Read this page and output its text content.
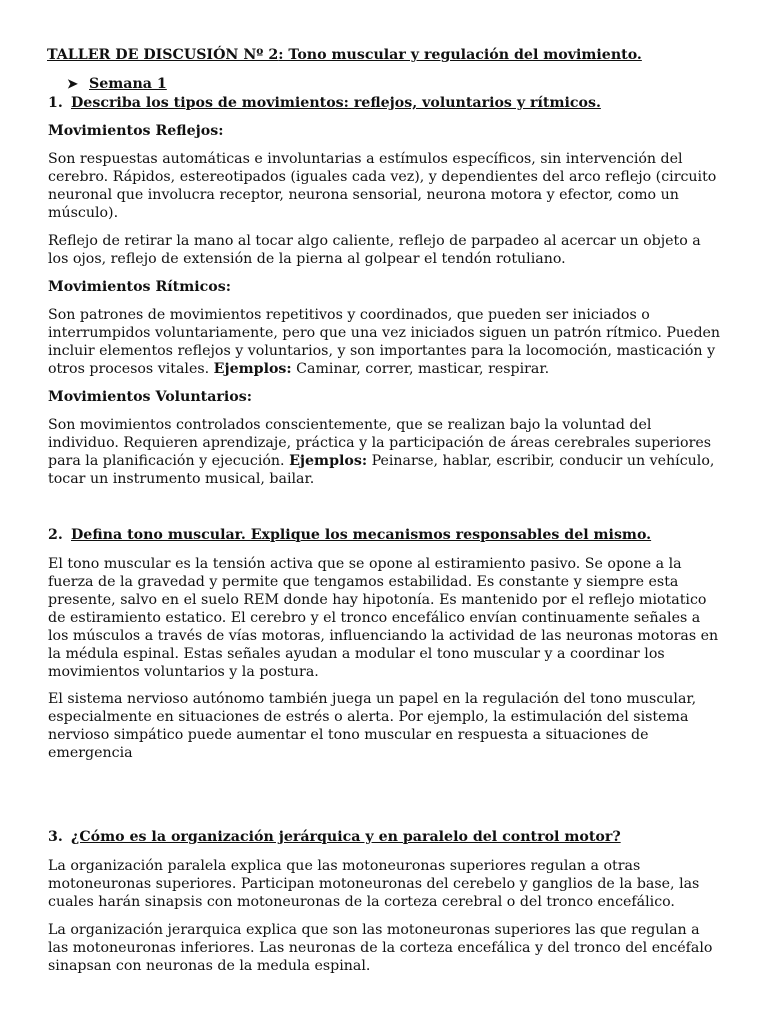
TALLER DE DISCUSIÓN Nº 2: Tono muscular y regulación del movimiento.
➤ Semana 1
1. Describa los tipos de movimientos: reflejos, voluntarios y rítmicos.
Movimientos Reflejos:
Son respuestas automáticas e involuntarias a estímulos específicos, sin intervención del cerebro. Rápidos, estereotipados (iguales cada vez), y dependientes del arco reflejo (circuito neuronal que involucra receptor, neurona sensorial, neurona motora y efector, como un músculo).
Reflejo de retirar la mano al tocar algo caliente, reflejo de parpadeo al acercar un objeto a los ojos, reflejo de extensión de la pierna al golpear el tendón rotuliano.
Movimientos Rítmicos:
Son patrones de movimientos repetitivos y coordinados, que pueden ser iniciados o interrumpidos voluntariamente, pero que una vez iniciados siguen un patrón rítmico. Pueden incluir elementos reflejos y voluntarios, y son importantes para la locomoción, masticación y otros procesos vitales. Ejemplos: Caminar, correr, masticar, respirar.
Movimientos Voluntarios:
Son movimientos controlados conscientemente, que se realizan bajo la voluntad del individuo. Requieren aprendizaje, práctica y la participación de áreas cerebrales superiores para la planificación y ejecución. Ejemplos: Peinarse, hablar, escribir, conducir un vehículo, tocar un instrumento musical, bailar.
2. Defina tono muscular. Explique los mecanismos responsables del mismo.
El tono muscular es la tensión activa que se opone al estiramiento pasivo. Se opone a la fuerza de la gravedad y permite que tengamos estabilidad. Es constante y siempre esta presente, salvo en el suelo REM donde hay hipotonía. Es mantenido por el reflejo miotatico de estiramiento estatico. El cerebro y el tronco encefálico envían continuamente señales a los músculos a través de vías motoras, influenciando la actividad de las neuronas motoras en la médula espinal. Estas señales ayudan a modular el tono muscular y a coordinar los movimientos voluntarios y la postura.
El sistema nervioso autónomo también juega un papel en la regulación del tono muscular, especialmente en situaciones de estrés o alerta. Por ejemplo, la estimulación del sistema nervioso simpático puede aumentar el tono muscular en respuesta a situaciones de emergencia
3. ¿Cómo es la organización jerárquica y en paralelo del control motor?
La organización paralela explica que las motoneuronas superiores regulan a otras motoneuronas superiores. Participan motoneuronas del cerebelo y ganglios de la base, las cuales harán sinapsis con motoneuronas de la corteza cerebral o del tronco encefálico.
La organización jerarquica explica que son las motoneuronas superiores las que regulan a las motoneuronas inferiores. Las neuronas de la corteza encefálica y del tronco del encéfalo sinapsan con neuronas de la medula espinal.
